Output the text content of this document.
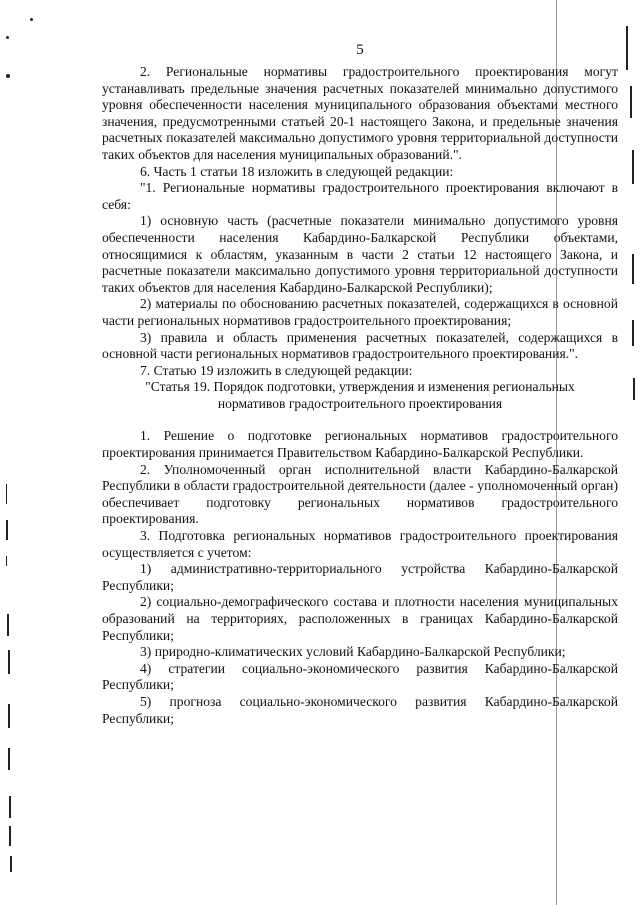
5

2. Региональные нормативы градостроительного проектирования могут устанавливать предельные значения расчетных показателей минимально допустимого уровня обеспеченности населения муниципального образования объектами местного значения, предусмотренными статьей 20-1 настоящего Закона, и предельные значения расчетных показателей максимально допустимого уровня территориальной доступности таких объектов для населения муниципальных образований.".

6. Часть 1 статьи 18 изложить в следующей редакции:

"1. Региональные нормативы градостроительного проектирования включают в себя:

1) основную часть (расчетные показатели минимально допустимого уровня обеспеченности населения Кабардино-Балкарской Республики объектами, относящимися к областям, указанным в части 2 статьи 12 настоящего Закона, и расчетные показатели максимально допустимого уровня территориальной доступности таких объектов для населения Кабардино-Балкарской Республики);

2) материалы по обоснованию расчетных показателей, содержащихся в основной части региональных нормативов градостроительного проектирования;

3) правила и область применения расчетных показателей, содержащихся в основной части региональных нормативов градостроительного проектирования.".

7. Статью 19 изложить в следующей редакции:

"Статья 19. Порядок подготовки, утверждения и изменения региональных нормативов градостроительного проектирования

1. Решение о подготовке региональных нормативов градостроительного проектирования принимается Правительством Кабардино-Балкарской Республики.

2. Уполномоченный орган исполнительной власти Кабардино-Балкарской Республики в области градостроительной деятельности (далее - уполномоченный орган) обеспечивает подготовку региональных нормативов градостроительного проектирования.

3. Подготовка региональных нормативов градостроительного проектирования осуществляется с учетом:

1) административно-территориального устройства Кабардино-Балкарской Республики;

2) социально-демографического состава и плотности населения муниципальных образований на территориях, расположенных в границах Кабардино-Балкарской Республики;

3) природно-климатических условий Кабардино-Балкарской Республики;

4) стратегии социально-экономического развития Кабардино-Балкарской Республики;

5) прогноза социально-экономического развития Кабардино-Балкарской Республики;
